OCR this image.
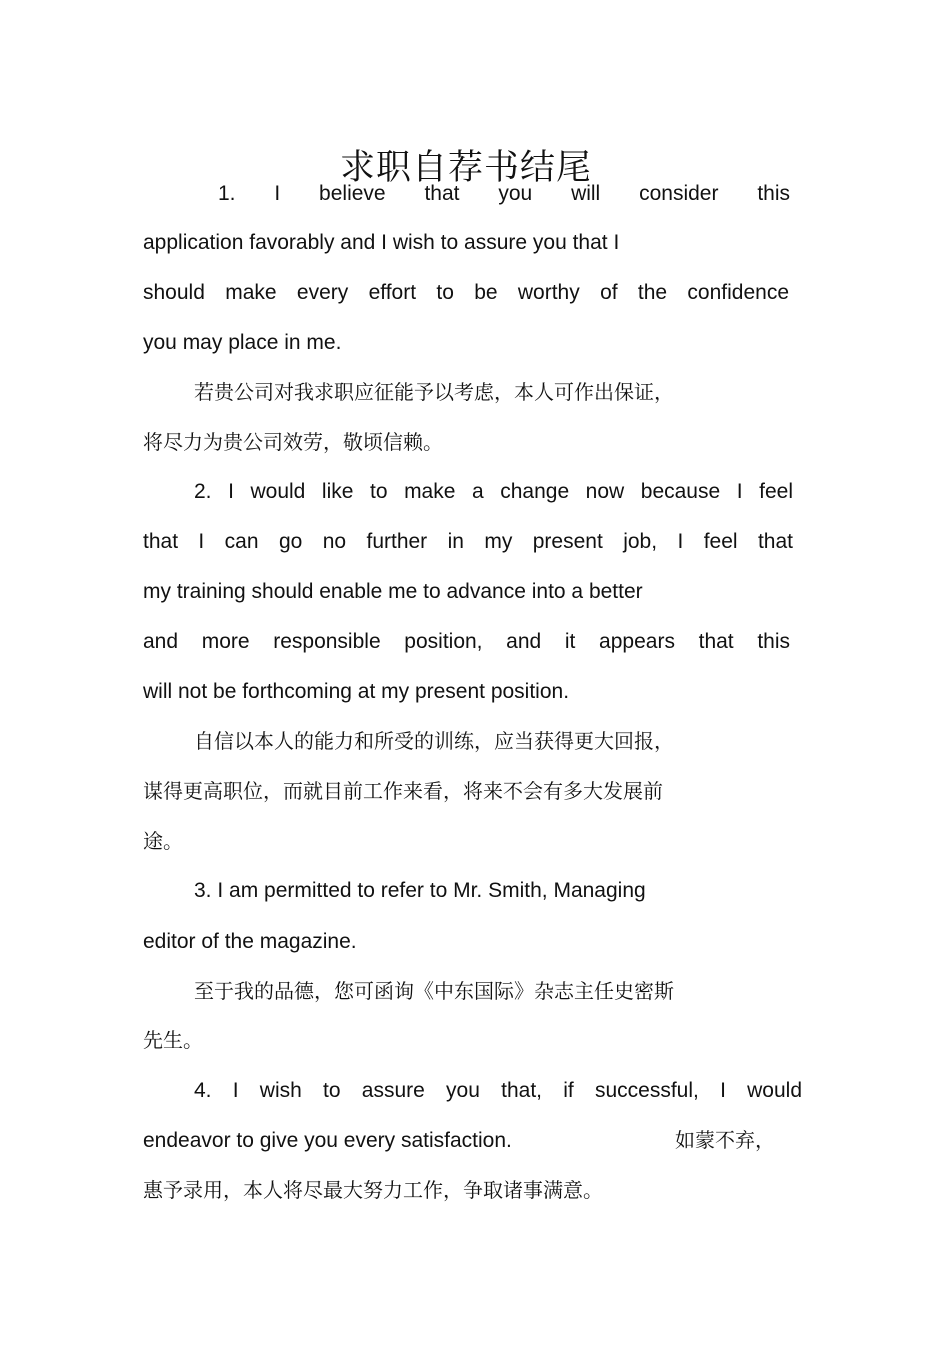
求职自荐书结尾
1. I believe that you will consider this
application favorably and I wish to assure you that I
should make every effort to be worthy of the confidence
you may place in me.
若贵公司对我求职应征能予以考虑，本人可作出保证，
将尽力为贵公司效劳，敬顷信赖。
2. I would like to make a change now because I feel
that I can go no further in my present job, I feel that
my training should enable me to advance into a better
and more responsible position, and it appears that this
will not be forthcoming at my present position.
自信以本人的能力和所受的训练，应当获得更大回报，
谋得更高职位，而就目前工作来看，将来不会有多大发展前
途。
3. I am permitted to refer to Mr. Smith, Managing
editor of the magazine.
至于我的品德，您可函询《中东国际》杂志主任史密斯
先生。
4. I wish to assure you that, if successful, I would
endeavor to give you every satisfaction.	如蒙不弃，
惠予录用，本人将尽最大努力工作，争取诸事满意。
